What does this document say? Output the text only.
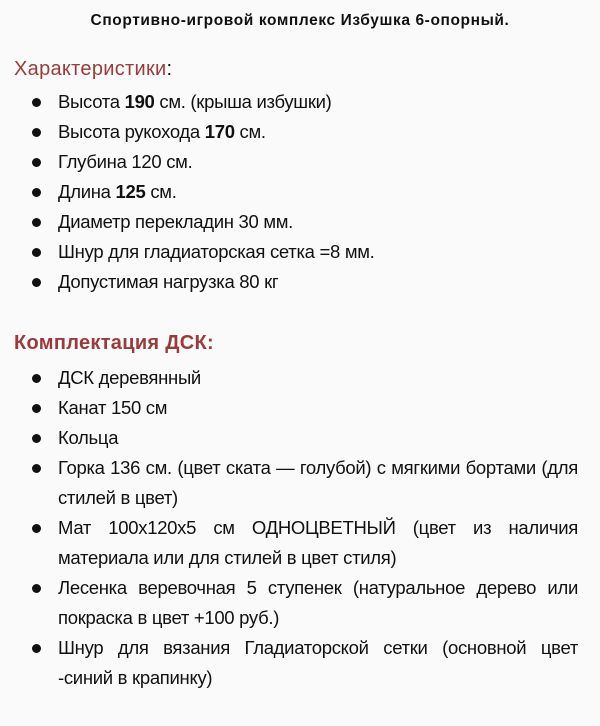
Спортивно-игровой комплекс Избушка 6-опорный.
Характеристики:
Высота 190 см. (крыша избушки)
Высота рукохода 170 см.
Глубина 120 см.
Длина 125 см.
Диаметр перекладин 30 мм.
Шнур для гладиаторская сетка =8 мм.
Допустимая нагрузка 80 кг
Комплектация ДСК:
ДСК деревянный
Канат 150 см
Кольца
Горка 136 см. (цвет ската — голубой) с мягкими бортами (для стилей в цвет)
Мат 100x120x5 см ОДНОЦВЕТНЫЙ (цвет из наличия материала или для стилей в цвет стиля)
Лесенка веревочная 5 ступенек (натуральное дерево или покраска в цвет +100 руб.)
Шнур для вязания Гладиаторской сетки (основной цвет -синий в крапинку)
